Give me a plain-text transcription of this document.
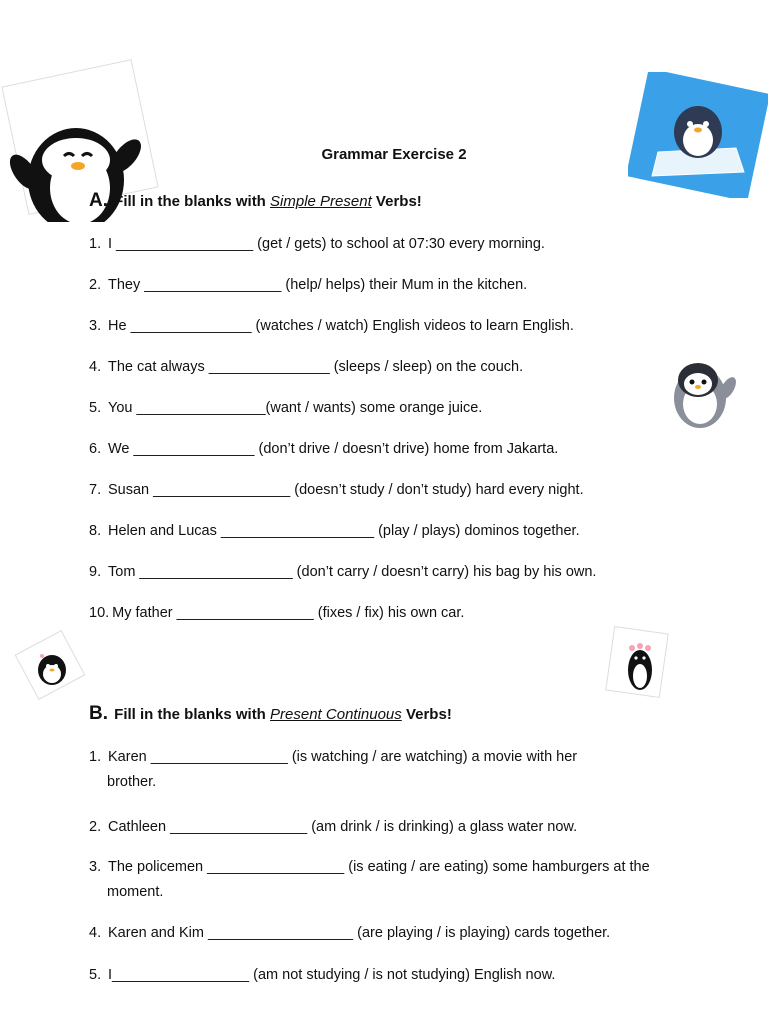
Grammar Exercise 2
A. Fill in the blanks with Simple Present Verbs!
1. I _________________ (get / gets) to school at 07:30 every morning.
2. They _________________ (help/ helps) their Mum in the kitchen.
3. He _______________ (watches / watch) English videos to learn English.
4. The cat always _______________ (sleeps / sleep) on the couch.
5. You ________________(want / wants) some orange juice.
6. We _______________ (don’t drive / doesn’t drive) home from Jakarta.
7. Susan _________________ (doesn’t study / don’t study) hard every night.
8. Helen and Lucas ___________________ (play / plays) dominos together.
9. Tom ___________________ (don’t carry / doesn’t carry) his bag by his own.
10. My father _________________ (fixes / fix) his own car.
B. Fill in the blanks with Present Continuous Verbs!
1. Karen _________________ (is watching / are watching) a movie with her
brother.
2. Cathleen _________________ (am drink / is drinking) a glass water now.
3. The policemen _________________ (is eating / are eating) some hamburgers at the
moment.
4. Karen and Kim __________________ (are playing / is playing) cards together.
5. I_________________ (am not studying / is not studying) English now.
